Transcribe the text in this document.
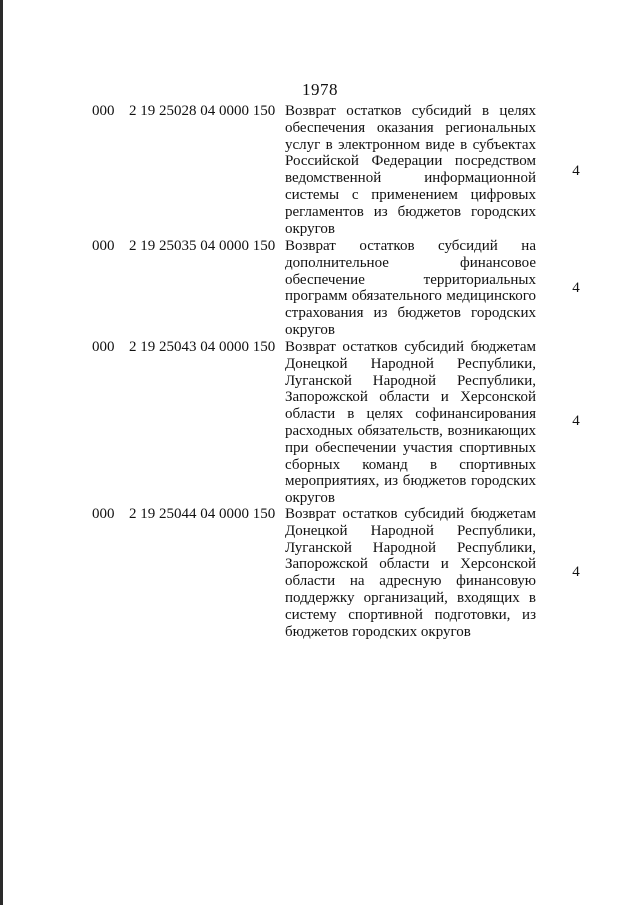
1978
000 2 19 25028 04 0000 150 Возврат остатков субсидий в целях обеспечения оказания региональных услуг в электронном виде в субъектах Российской Федерации посредством ведомственной информационной системы с применением цифровых регламентов из бюджетов городских округов
4
000 2 19 25035 04 0000 150 Возврат остатков субсидий на дополнительное финансовое обеспечение территориальных программ обязательного медицинского страхования из бюджетов городских округов
4
000 2 19 25043 04 0000 150 Возврат остатков субсидий бюджетам Донецкой Народной Республики, Луганской Народной Республики, Запорожской области и Херсонской области в целях софинансирования расходных обязательств, возникающих при обеспечении участия спортивных сборных команд в спортивных мероприятиях, из бюджетов городских округов
4
000 2 19 25044 04 0000 150 Возврат остатков субсидий бюджетам Донецкой Народной Республики, Луганской Народной Республики, Запорожской области и Херсонской области на адресную финансовую поддержку организаций, входящих в систему спортивной подготовки, из бюджетов городских округов
4
